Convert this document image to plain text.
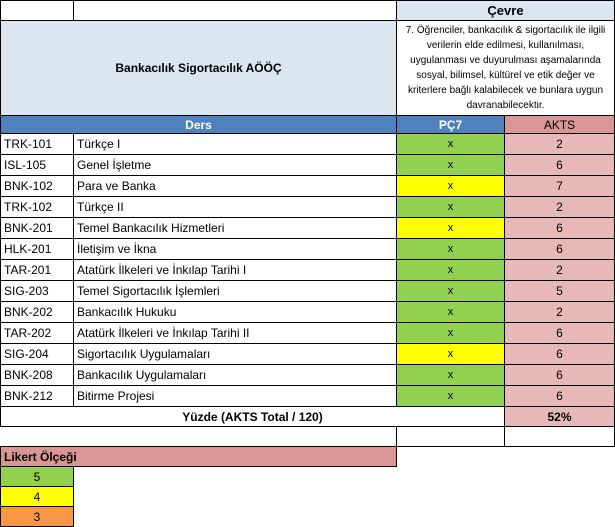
Bankacılık Sigortacılık AÖÖÇ
Çevre
7. Öğrenciler, bankacılık & sigortacılık ile ilgili verilerin elde edilmesi, kullanılması, uygulanması ve duyurulması aşamalarında sosyal, bilimsel, kültürel ve etik değer ve kriterlere bağlı kalabilecek ve bunlara uygun davranabilecektir.
Ders	PÇ7	AKTS
TRK-101 Türkçe I	x	2
ISL-105	Genel İşletme	x	6
BNK-102 Para ve Banka	x	7
TRK-102 Türkçe II	x	2
BNK-201 Temel Bankacılık Hizmetleri	x	6
HLK-201 İletişim ve İkna	x	6
TAR-201 Atatürk İlkeleri ve İnkılap Tarihi I	x	2
SIG-203 Temel Sigortacılık İşlemleri	x	5
BNK-202 Bankacılık Hukuku	x	2
TAR-202 Atatürk İlkeleri ve İnkılap Tarihi II	x	6
SIG-204 Sigortacılık Uygulamaları	x	6
BNK-208 Bankacılık Uygulamaları	x	6
BNK-212 Bitirme Projesi	x	6
Yüzde (AKTS Total / 120)	52%
Likert Ölçeği
5
4
3
